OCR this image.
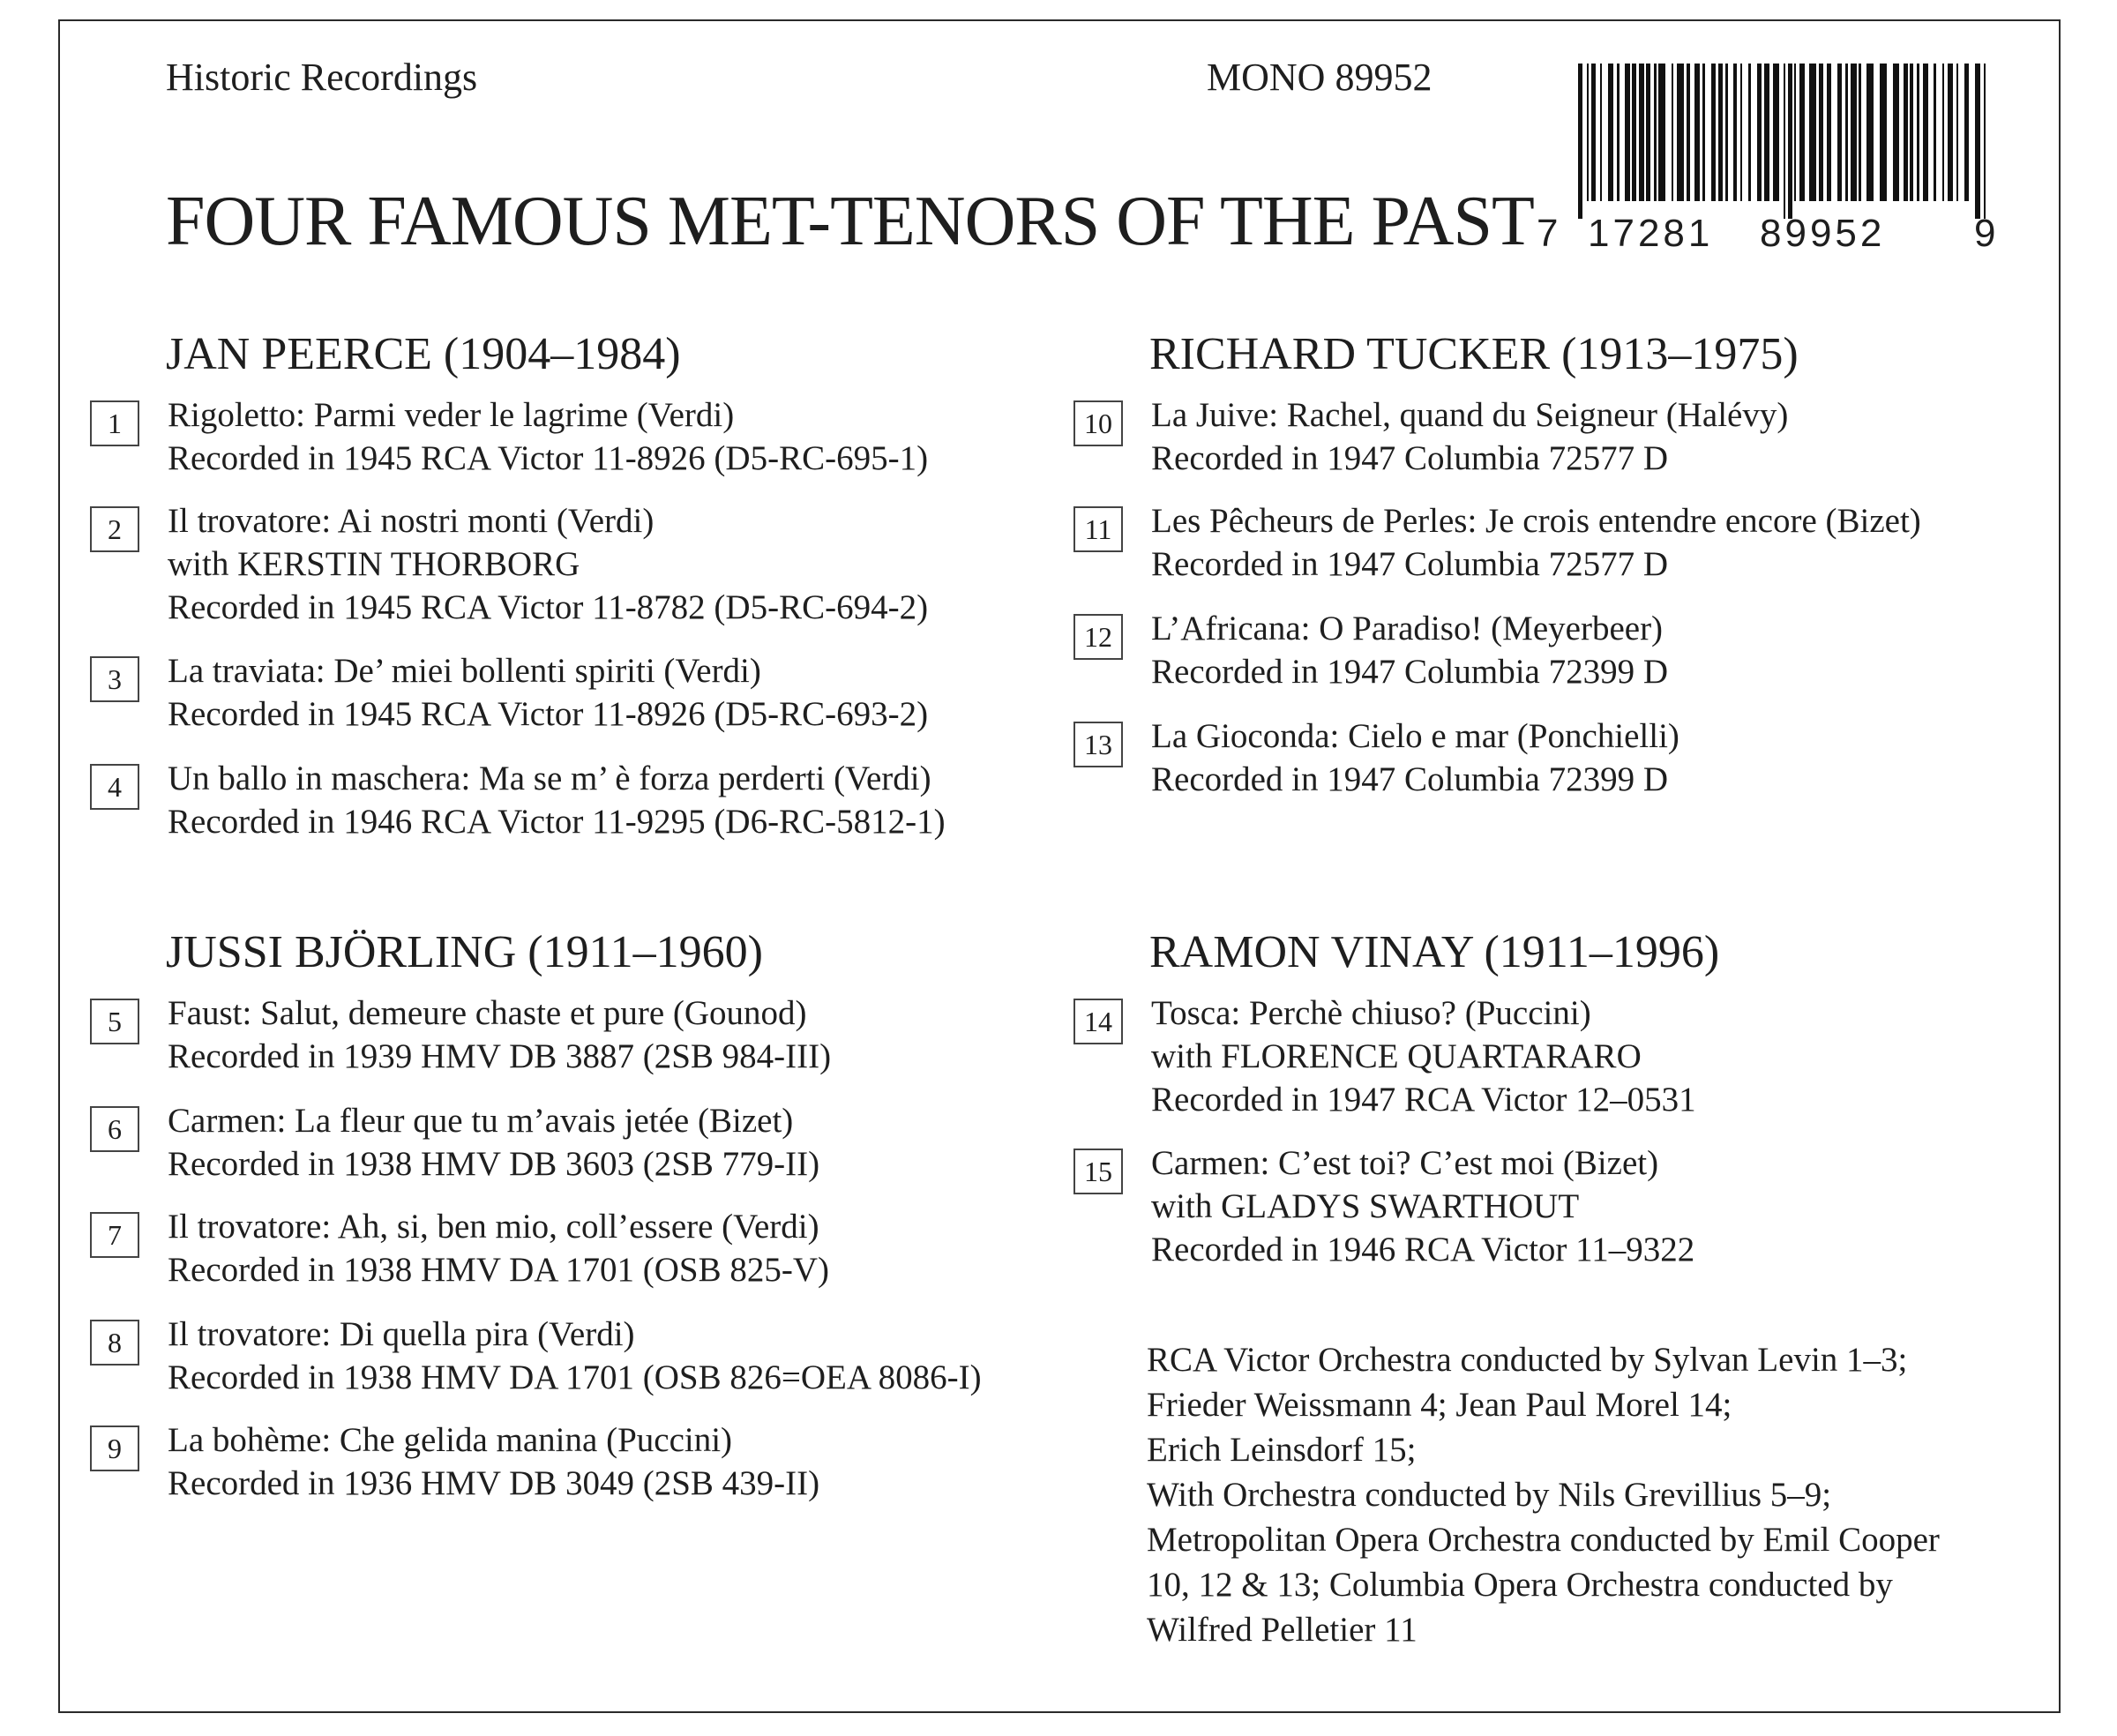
Historic Recordings	MONO 89952
FOUR FAMOUS MET-TENORS OF THE PAST 7 17281 89952 9
JAN PEERCE (1904–1984)
1	Rigoletto: Parmi veder le lagrime (Verdi)
Recorded in 1945 RCA Victor 11-8926 (D5-RC-695-1)
2	Il trovatore: Ai nostri monti (Verdi)
with KERSTIN THORBORG
Recorded in 1945 RCA Victor 11-8782 (D5-RC-694-2)
3	La traviata: De’ miei bollenti spiriti (Verdi)
Recorded in 1945 RCA Victor 11-8926 (D5-RC-693-2)
4	Un ballo in maschera: Ma se m’ è forza perderti (Verdi)
Recorded in 1946 RCA Victor 11-9295 (D6-RC-5812-1)
RICHARD TUCKER (1913–1975)
10	La Juive: Rachel, quand du Seigneur (Halévy)
Recorded in 1947 Columbia 72577 D
11	Les Pêcheurs de Perles: Je crois entendre encore (Bizet)
Recorded in 1947 Columbia 72577 D
12	L’Africana: O Paradiso! (Meyerbeer)
Recorded in 1947 Columbia 72399 D
13	La Gioconda: Cielo e mar (Ponchielli)
Recorded in 1947 Columbia 72399 D
JUSSI BJÖRLING (1911–1960)
5	Faust: Salut, demeure chaste et pure (Gounod)
Recorded in 1939 HMV DB 3887 (2SB 984-III)
6	Carmen: La fleur que tu m’avais jetée (Bizet)
Recorded in 1938 HMV DB 3603 (2SB 779-II)
7	Il trovatore: Ah, si, ben mio, coll’essere (Verdi)
Recorded in 1938 HMV DA 1701 (OSB 825-V)
8	Il trovatore: Di quella pira (Verdi)
Recorded in 1938 HMV DA 1701 (OSB 826=OEA 8086-I)
9	La bohème: Che gelida manina (Puccini)
Recorded in 1936 HMV DB 3049 (2SB 439-II)
RAMON VINAY (1911–1996)
14	Tosca: Perchè chiuso? (Puccini)
with FLORENCE QUARTARARO
Recorded in 1947 RCA Victor 12–0531
15	Carmen: C’est toi? C’est moi (Bizet)
with GLADYS SWARTHOUT
Recorded in 1946 RCA Victor 11–9322
RCA Victor Orchestra conducted by Sylvan Levin 1–3;
Frieder Weissmann 4; Jean Paul Morel 14;
Erich Leinsdorf 15;
With Orchestra conducted by Nils Grevillius 5–9;
Metropolitan Opera Orchestra conducted by Emil Cooper
10, 12 & 13; Columbia Opera Orchestra conducted by
Wilfred Pelletier 11
